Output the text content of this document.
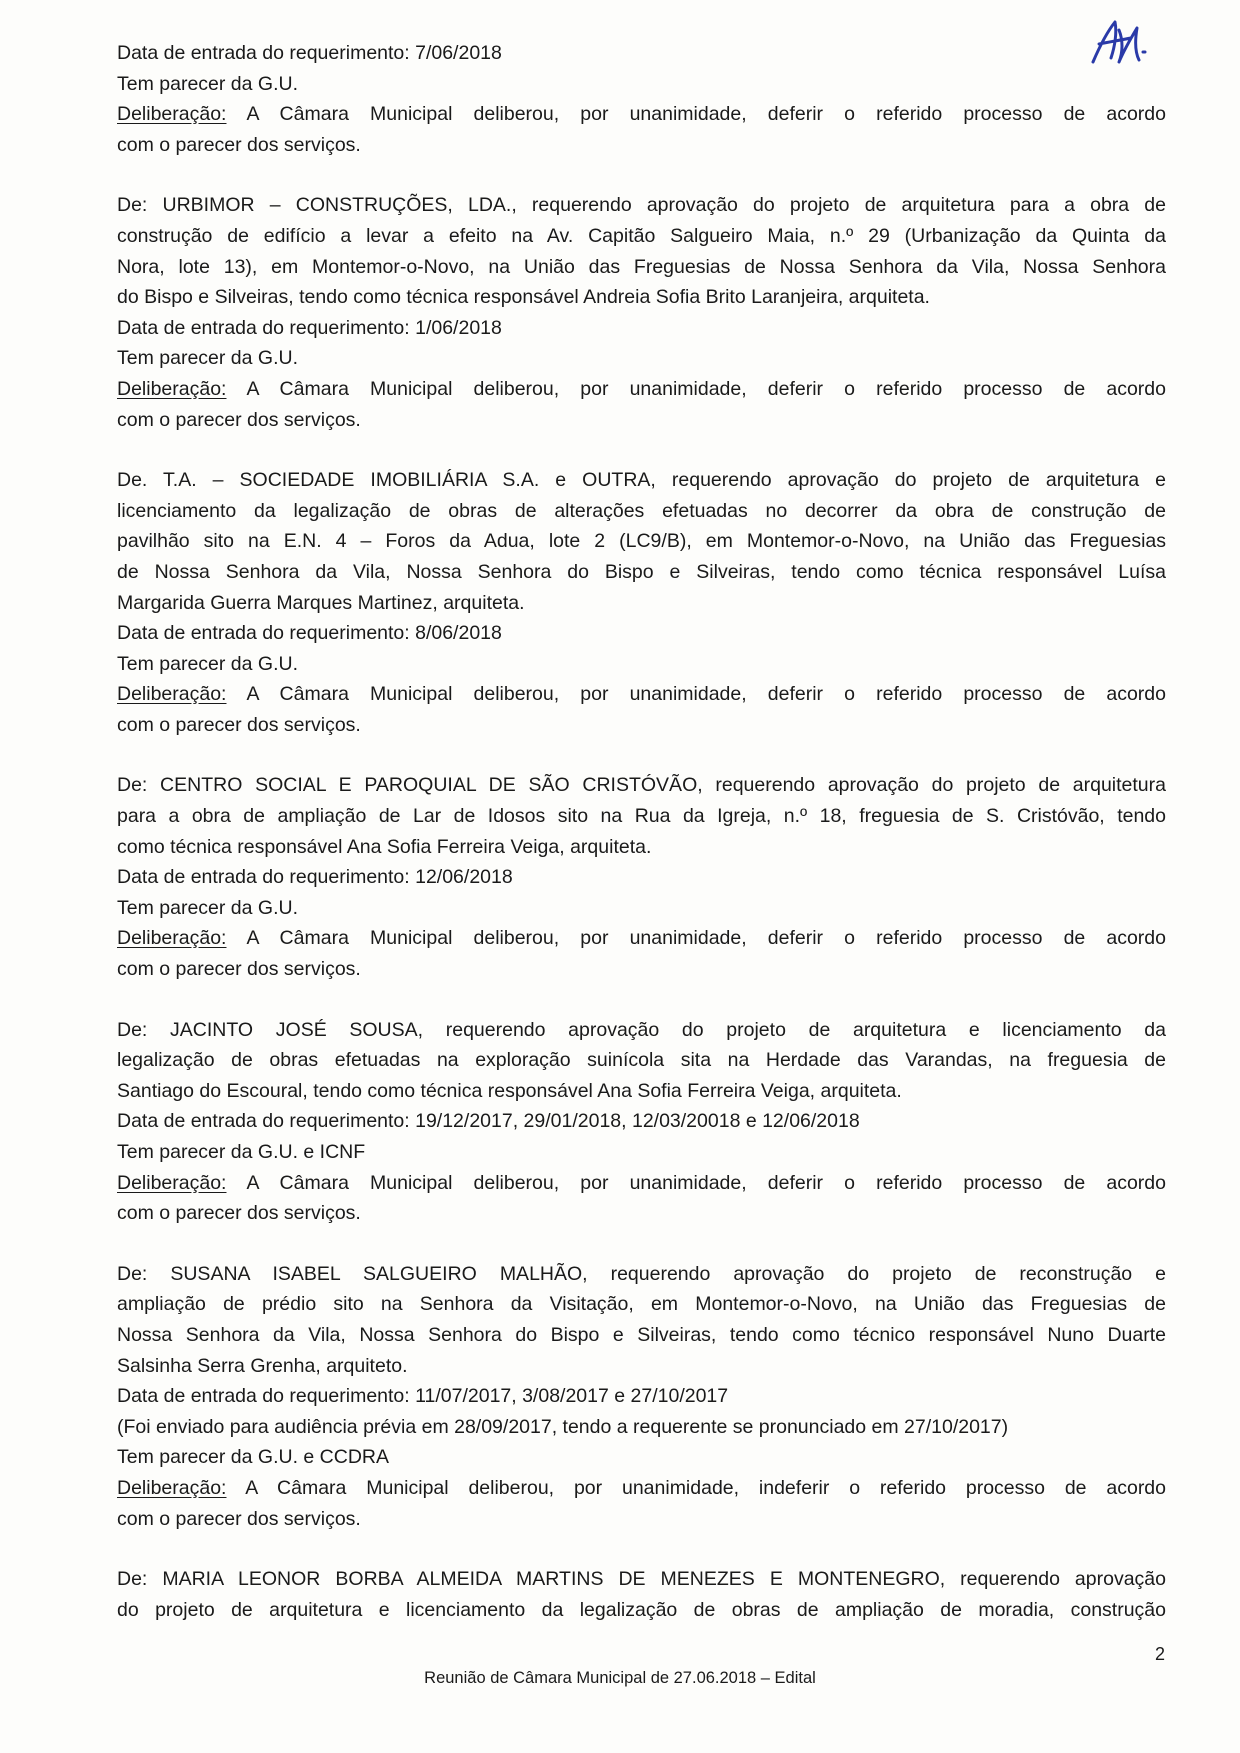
Data de entrada do requerimento: 7/06/2018
Tem parecer da G.U.
Deliberação: A Câmara Municipal deliberou, por unanimidade, deferir o referido processo de acordo
com o parecer dos serviços.
De: URBIMOR – CONSTRUÇÕES, LDA., requerendo aprovação do projeto de arquitetura para a obra de
construção de edifício a levar a efeito na Av. Capitão Salgueiro Maia, n.º 29 (Urbanização da Quinta da
Nora, lote 13), em Montemor-o-Novo, na União das Freguesias de Nossa Senhora da Vila, Nossa Senhora
do Bispo e Silveiras, tendo como técnica responsável Andreia Sofia Brito Laranjeira, arquiteta.
Data de entrada do requerimento: 1/06/2018
Tem parecer da G.U.
Deliberação: A Câmara Municipal deliberou, por unanimidade, deferir o referido processo de acordo
com o parecer dos serviços.
De. T.A. – SOCIEDADE IMOBILIÁRIA S.A. e OUTRA, requerendo aprovação do projeto de arquitetura e
licenciamento da legalização de obras de alterações efetuadas no decorrer da obra de construção de
pavilhão sito na E.N. 4 – Foros da Adua, lote 2 (LC9/B), em Montemor-o-Novo, na União das Freguesias
de Nossa Senhora da Vila, Nossa Senhora do Bispo e Silveiras, tendo como técnica responsável Luísa
Margarida Guerra Marques Martinez, arquiteta.
Data de entrada do requerimento: 8/06/2018
Tem parecer da G.U.
Deliberação: A Câmara Municipal deliberou, por unanimidade, deferir o referido processo de acordo
com o parecer dos serviços.
De: CENTRO SOCIAL E PAROQUIAL DE SÃO CRISTÓVÃO, requerendo aprovação do projeto de arquitetura
para a obra de ampliação de Lar de Idosos sito na Rua da Igreja, n.º 18, freguesia de S. Cristóvão, tendo
como técnica responsável Ana Sofia Ferreira Veiga, arquiteta.
Data de entrada do requerimento: 12/06/2018
Tem parecer da G.U.
Deliberação: A Câmara Municipal deliberou, por unanimidade, deferir o referido processo de acordo
com o parecer dos serviços.
De: JACINTO JOSÉ SOUSA, requerendo aprovação do projeto de arquitetura e licenciamento da
legalização de obras efetuadas na exploração suinícola sita na Herdade das Varandas, na freguesia de
Santiago do Escoural, tendo como técnica responsável Ana Sofia Ferreira Veiga, arquiteta.
Data de entrada do requerimento: 19/12/2017, 29/01/2018, 12/03/20018 e 12/06/2018
Tem parecer da G.U. e ICNF
Deliberação: A Câmara Municipal deliberou, por unanimidade, deferir o referido processo de acordo
com o parecer dos serviços.
De: SUSANA ISABEL SALGUEIRO MALHÃO, requerendo aprovação do projeto de reconstrução e
ampliação de prédio sito na Senhora da Visitação, em Montemor-o-Novo, na União das Freguesias de
Nossa Senhora da Vila, Nossa Senhora do Bispo e Silveiras, tendo como técnico responsável Nuno Duarte
Salsinha Serra Grenha, arquiteto.
Data de entrada do requerimento: 11/07/2017, 3/08/2017 e 27/10/2017
(Foi enviado para audiência prévia em 28/09/2017, tendo a requerente se pronunciado em 27/10/2017)
Tem parecer da G.U. e CCDRA
Deliberação: A Câmara Municipal deliberou, por unanimidade, indeferir o referido processo de acordo
com o parecer dos serviços.
De: MARIA LEONOR BORBA ALMEIDA MARTINS DE MENEZES E MONTENEGRO, requerendo aprovação
do projeto de arquitetura e licenciamento da legalização de obras de ampliação de moradia, construção
2
Reunião de Câmara Municipal de 27.06.2018 – Edital
